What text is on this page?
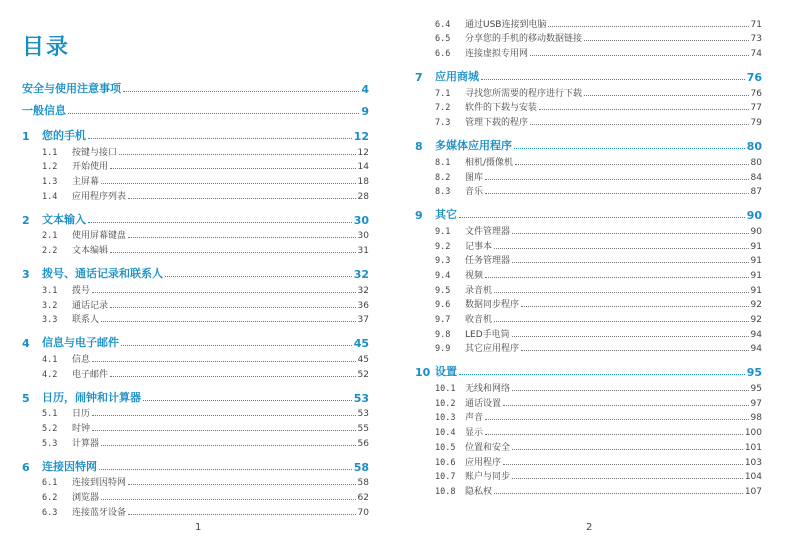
目录
安全与使用注意事项	4
一般信息	9
1	您的手机	12
1.1	按键与接口	12
1.2	开始使用	14
1.3	主屏幕	18
1.4	应用程序列表	28
2	文本输入	30
2.1	使用屏幕键盘	30
2.2	文本编辑	31
3	拨号、通话记录和联系人	32
3.1	拨号	32
3.2	通话记录	36
3.3	联系人	37
4	信息与电子邮件	45
4.1	信息	45
4.2	电子邮件	52
5	日历，闹钟和计算器	53
5.1	日历	53
5.2	时钟	55
5.3	计算器	56
6	连接因特网	58
6.1	连接到因特网	58
6.2	浏览器	62
6.3	连接蓝牙设备	70
1
6.4	通过USB连接到电脑	71
6.5	分享您的手机的移动数据链接	73
6.6	连接虚拟专用网	74
7	应用商城	76
7.1	寻找您所需要的程序进行下载	76
7.2	软件的下载与安装	77
7.3	管理下载的程序	79
8	多媒体应用程序	80
8.1	相机/摄像机	80
8.2	图库	84
8.3	音乐	87
9	其它	90
9.1	文件管理器	90
9.2	记事本	91
9.3	任务管理器	91
9.4	视频	91
9.5	录音机	91
9.6	数据同步程序	92
9.7	收音机	92
9.8	LED手电筒	94
9.9	其它应用程序	94
10 设置	95
10.1	无线和网络	95
10.2	通话设置	97
10.3	声音	98
10.4	显示	100
10.5	位置和安全	101
10.6	应用程序	103
10.7	账户与同步	104
10.8	隐私权	107
2
